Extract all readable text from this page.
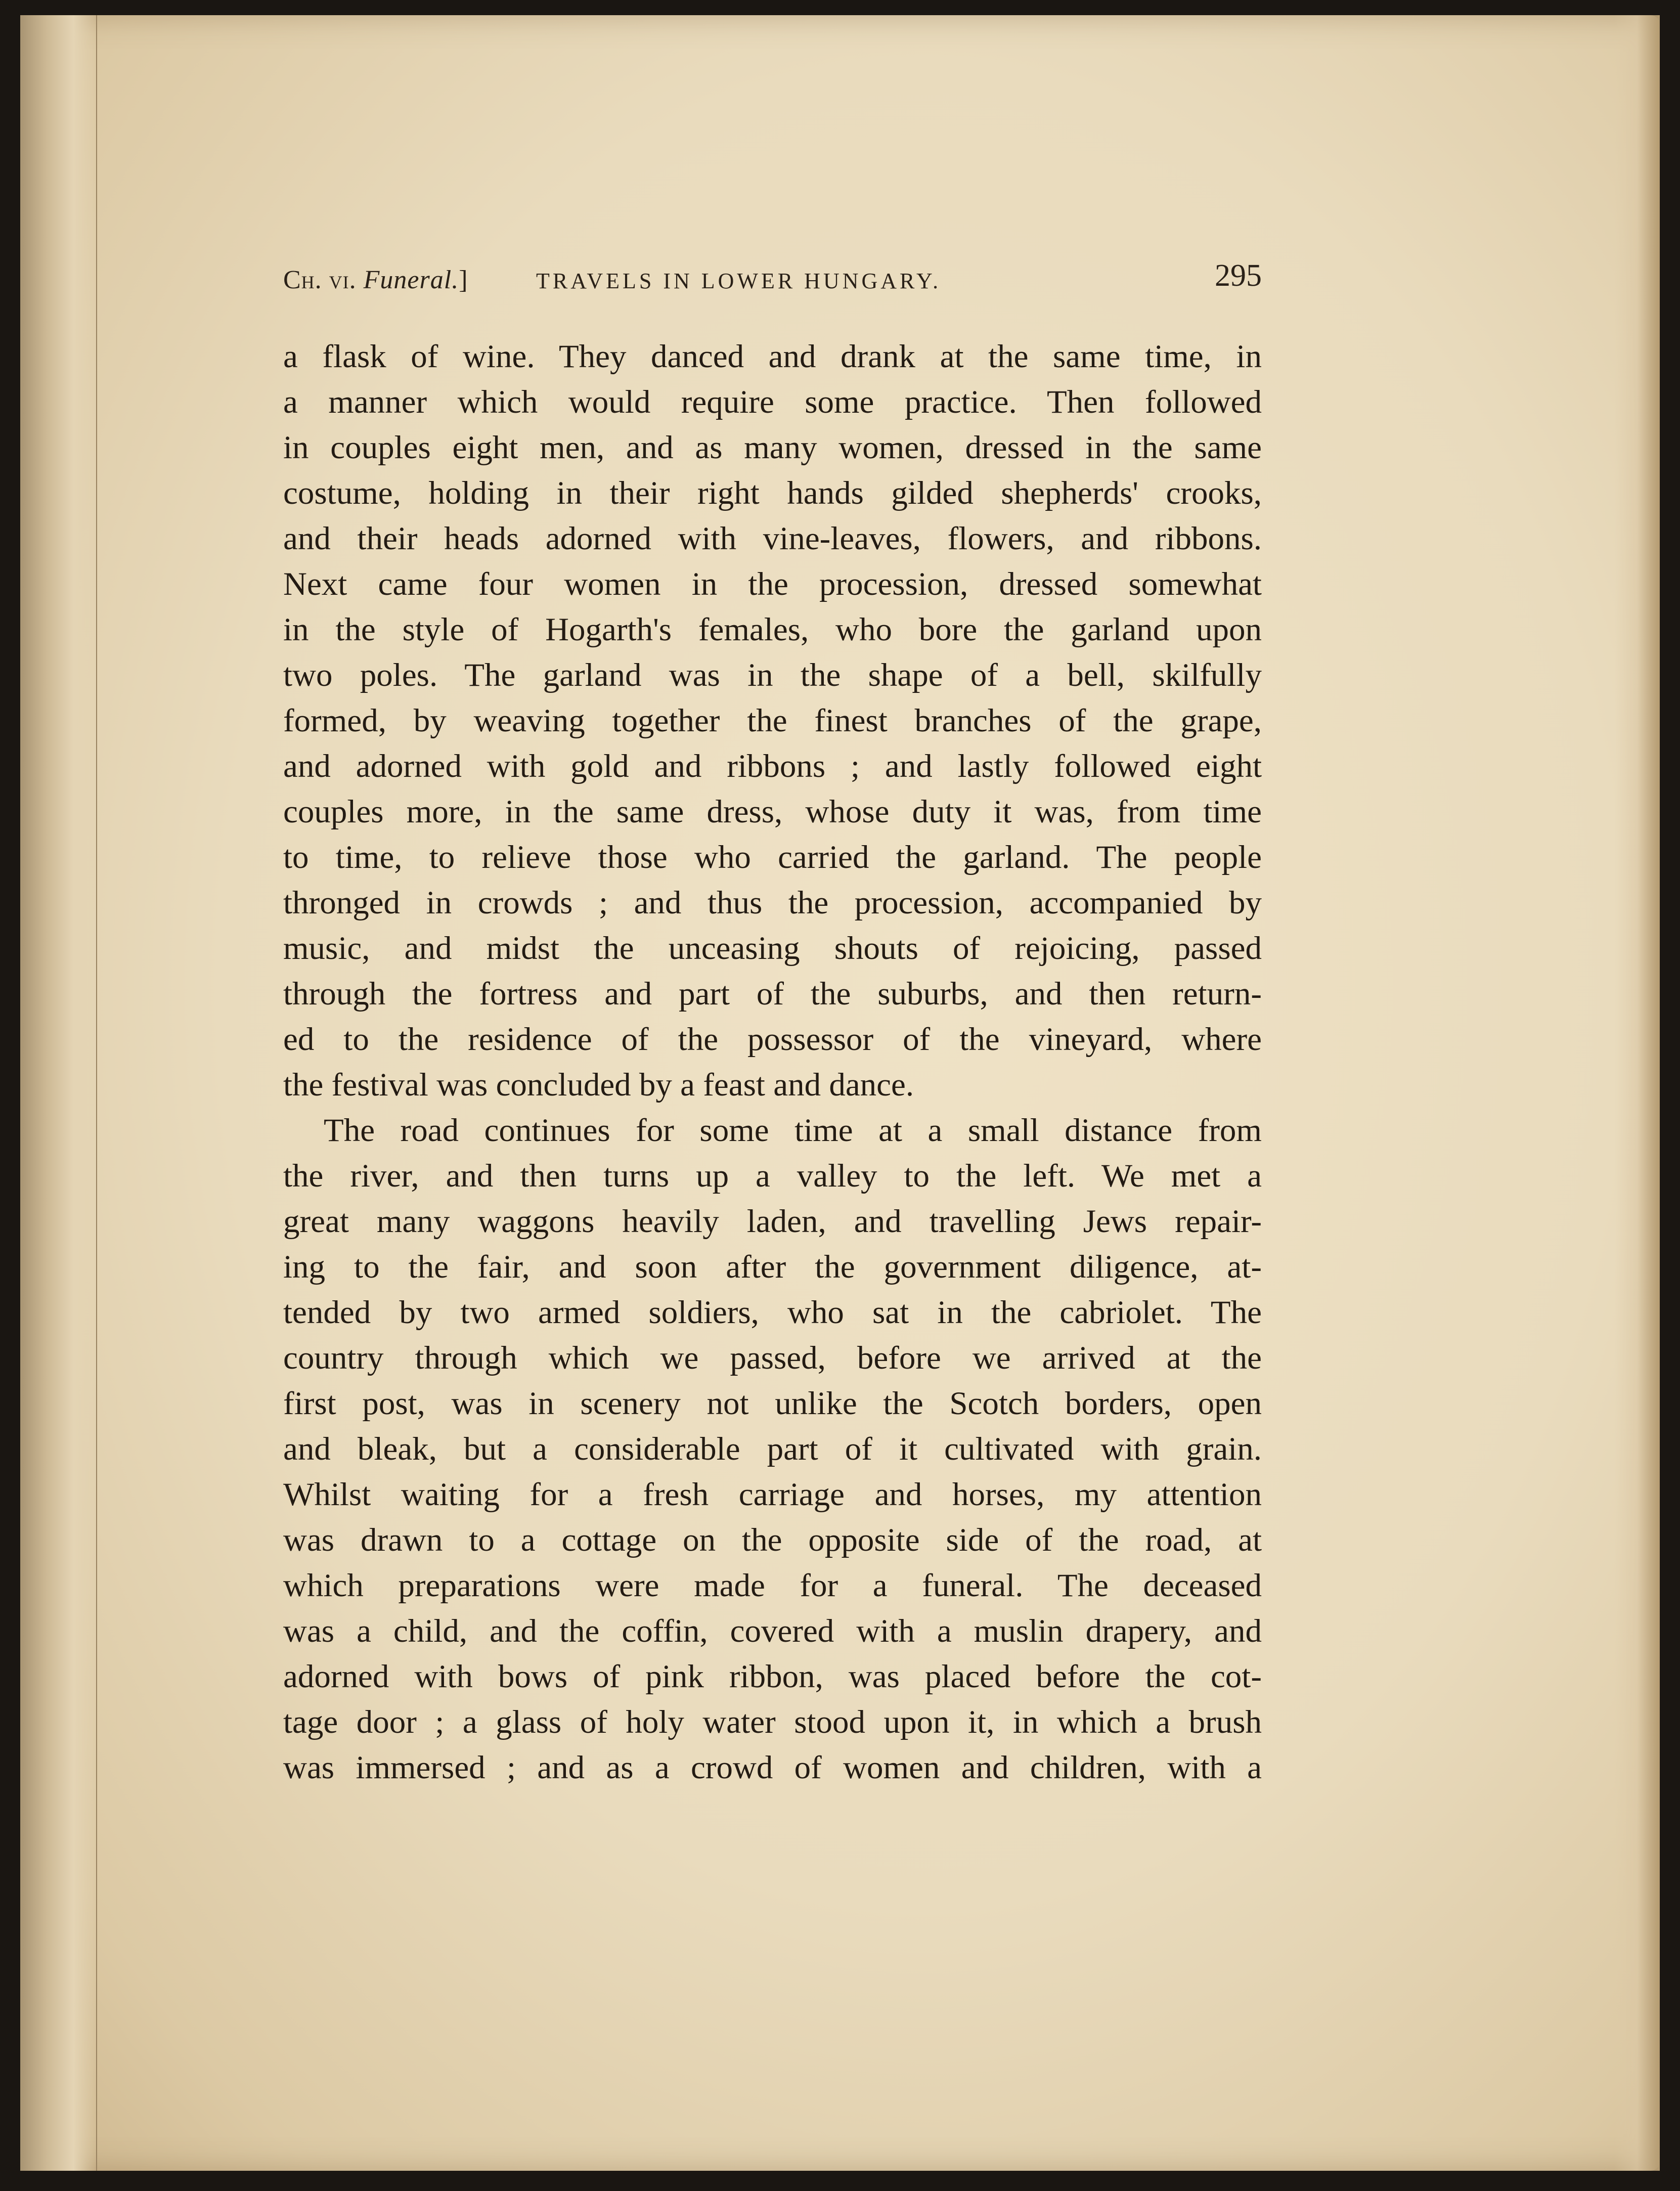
Ch. vi. Funeral.]	TRAVELS IN LOWER HUNGARY.	295
a flask of wine. They danced and drank at the same time, in
a manner which would require some practice. Then followed
in couples eight men, and as many women, dressed in the same
costume, holding in their right hands gilded shepherds' crooks,
and their heads adorned with vine-leaves, flowers, and ribbons.
Next came four women in the procession, dressed somewhat
in the style of Hogarth's females, who bore the garland upon
two poles. The garland was in the shape of a bell, skilfully
formed, by weaving together the finest branches of the grape,
and adorned with gold and ribbons ; and lastly followed eight
couples more, in the same dress, whose duty it was, from time
to time, to relieve those who carried the garland. The people
thronged in crowds ; and thus the procession, accompanied by
music, and midst the unceasing shouts of rejoicing, passed
through the fortress and part of the suburbs, and then return-
ed to the residence of the possessor of the vineyard, where
the festival was concluded by a feast and dance.
The road continues for some time at a small distance from
the river, and then turns up a valley to the left. We met a
great many waggons heavily laden, and travelling Jews repair-
ing to the fair, and soon after the government diligence, at-
tended by two armed soldiers, who sat in the cabriolet. The
country through which we passed, before we arrived at the
first post, was in scenery not unlike the Scotch borders, open
and bleak, but a considerable part of it cultivated with grain.
Whilst waiting for a fresh carriage and horses, my attention
was drawn to a cottage on the opposite side of the road, at
which preparations were made for a funeral. The deceased
was a child, and the coffin, covered with a muslin drapery, and
adorned with bows of pink ribbon, was placed before the cot-
tage door ; a glass of holy water stood upon it, in which a brush
was immersed ; and as a crowd of women and children, with a
